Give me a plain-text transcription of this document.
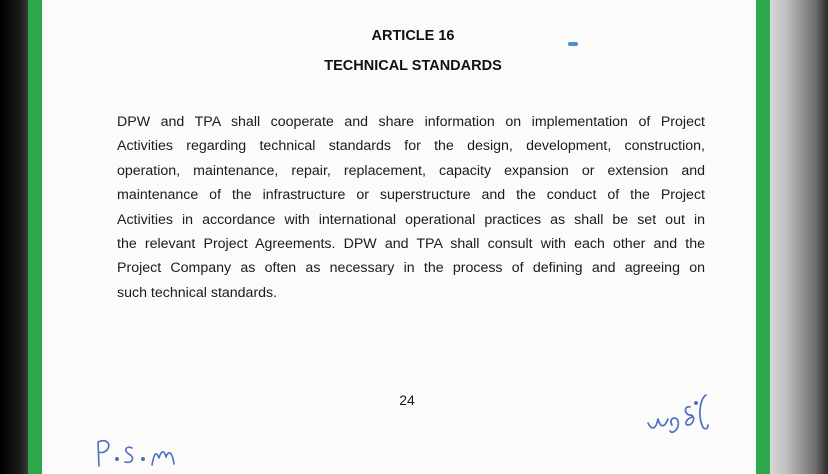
ARTICLE 16
TECHNICAL STANDARDS
DPW and TPA shall cooperate and share information on implementation of Project
Activities regarding technical standards for the design, development, construction,
operation, maintenance, repair, replacement, capacity expansion or extension and
maintenance of the infrastructure or superstructure and the conduct of the Project
Activities in accordance with international operational practices as shall be set out in
the relevant Project Agreements. DPW and TPA shall consult with each other and the
Project Company as often as necessary in the process of defining and agreeing on
such technical standards.
24
